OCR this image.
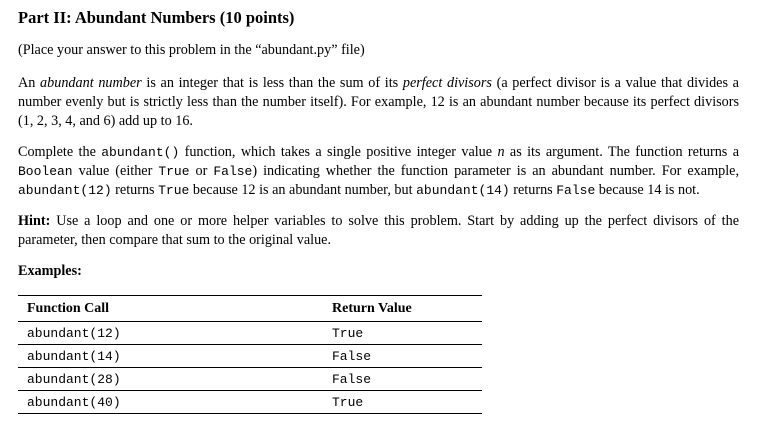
Part II: Abundant Numbers (10 points)

(Place your answer to this problem in the “abundant.py” file)

An abundant number is an integer that is less than the sum of its perfect divisors (a perfect divisor is a value that divides a number evenly but is strictly less than the number itself). For example, 12 is an abundant number because its perfect divisors (1, 2, 3, 4, and 6) add up to 16.

Complete the abundant() function, which takes a single positive integer value n as its argument. The function returns a Boolean value (either True or False) indicating whether the function parameter is an abundant number. For example, abundant(12) returns True because 12 is an abundant number, but abundant(14) returns False because 14 is not.

Hint: Use a loop and one or more helper variables to solve this problem. Start by adding up the perfect divisors of the parameter, then compare that sum to the original value.

Examples:

Function Call	Return Value
abundant(12)	True
abundant(14)	False
abundant(28)	False
abundant(40)	True
